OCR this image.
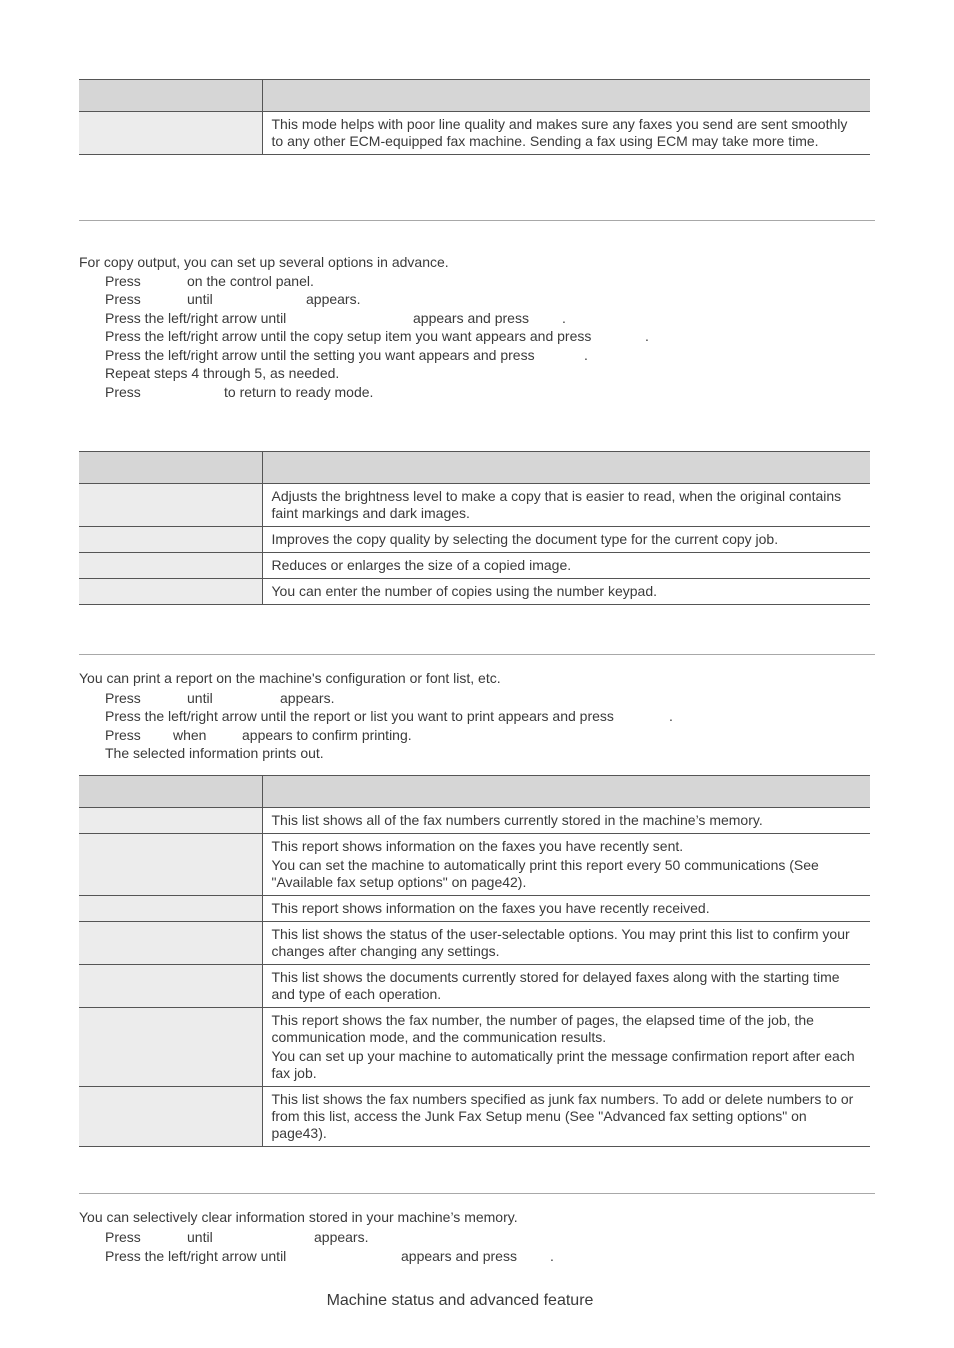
	This mode helps with poor line quality and makes sure any faxes you send are sent smoothly to any other ECM-equipped fax machine. Sending a fax using ECM may take more time.

For copy output, you can set up several options in advance.
Press	on the control panel.
Press	until	appears.
Press the left/right arrow until	appears and press .
Press the left/right arrow until the copy setup item you want appears and press	.
Press the left/right arrow until the setting you want appears and press	.
Repeat steps 4 through 5, as needed.
Press	to return to ready mode.

	Adjusts the brightness level to make a copy that is easier to read, when the original contains faint markings and dark images.

	Improves the copy quality by selecting the document type for the current copy job.

	Reduces or enlarges the size of a copied image.

	You can enter the number of copies using the number keypad.

You can print a report on the machine's configuration or font list, etc.
Press	until	appears.
Press the left/right arrow until the report or list you want to print appears and press	.
Press when	appears to confirm printing.
The selected information prints out.

	This list shows all of the fax numbers currently stored in the machine’s memory.

	This report shows information on the faxes you have recently sent.

You can set the machine to automatically print this report every 50 communications (See "Available fax setup options" on page42).

	This report shows information on the faxes you have recently received.

	This list shows the status of the user-selectable options. You may print this list to confirm your changes after changing any settings.

	This list shows the documents currently stored for delayed faxes along with the starting time and type of each operation.

	This report shows the fax number, the number of pages, the elapsed time of the job, the communication mode, and the communication results.

You can set up your machine to automatically print the message confirmation report after each fax job.

	This list shows the fax numbers specified as junk fax numbers. To add or delete numbers to or from this list, access the Junk Fax Setup menu (See "Advanced fax setting options" on page43).

You can selectively clear information stored in your machine’s memory.
Press	until	appears.
Press the left/right arrow until	appears and press .
Machine status and advanced feature
